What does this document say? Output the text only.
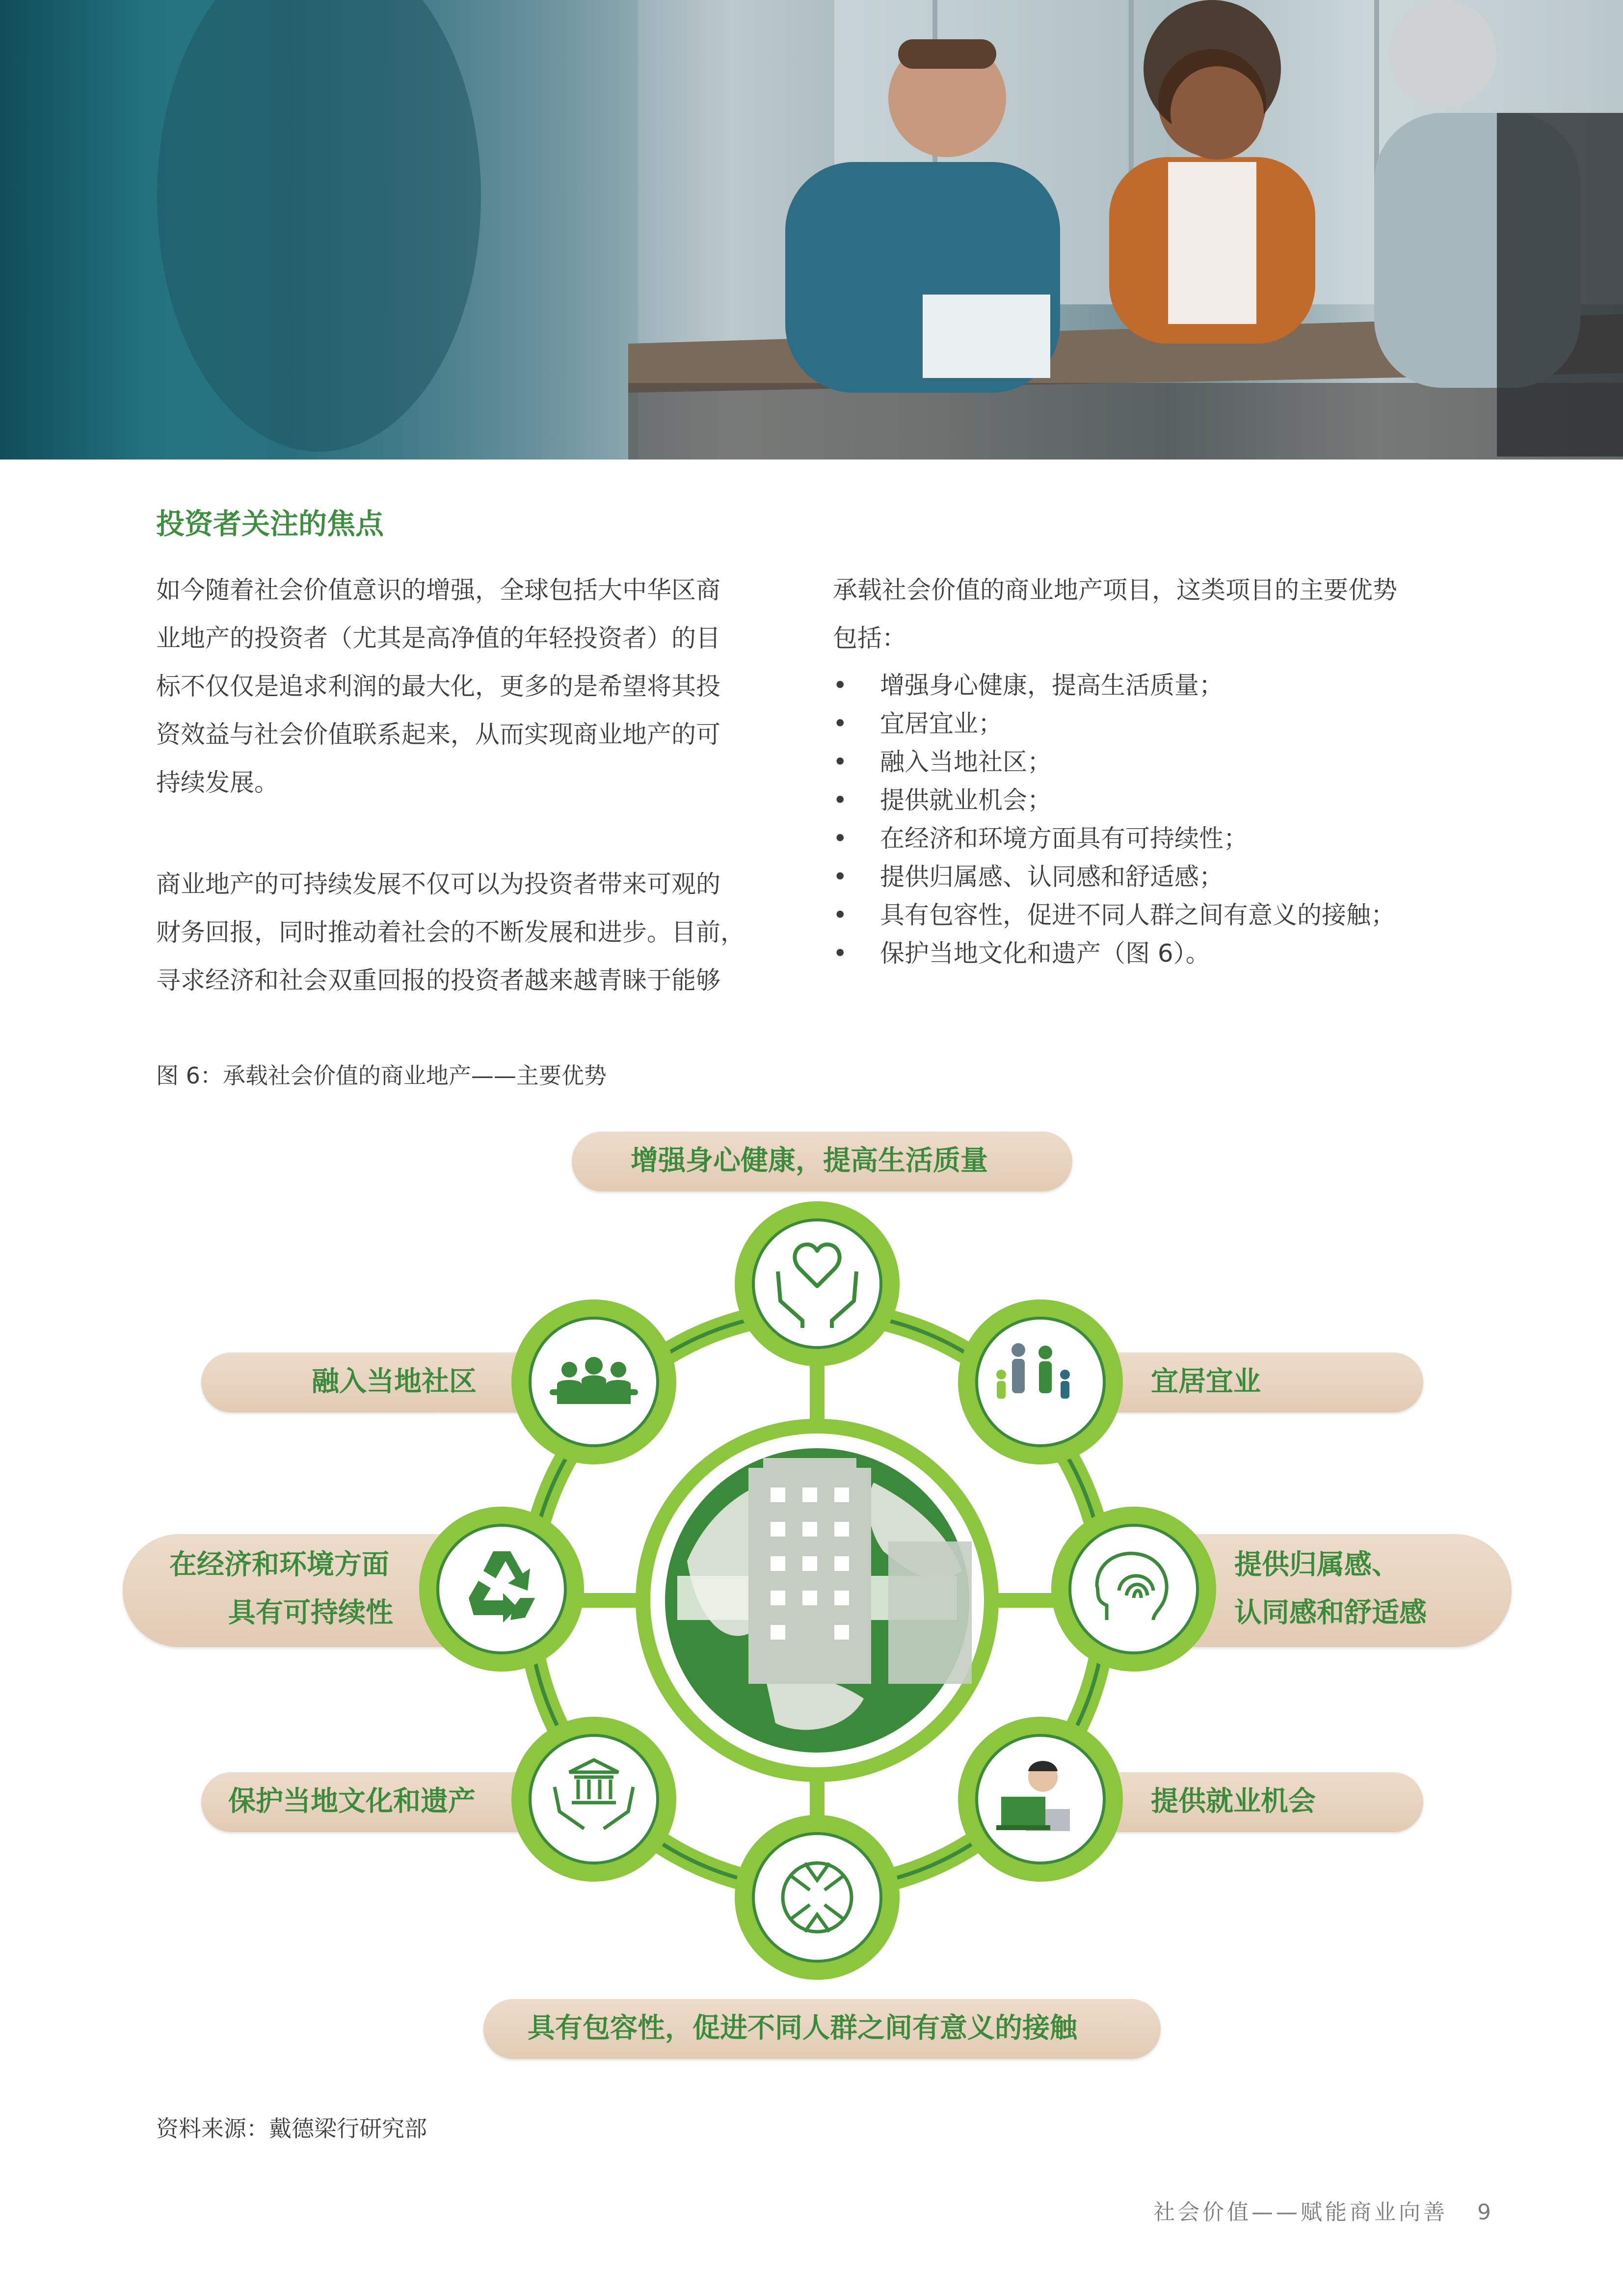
投资者关注的焦点

如今随着社会价值意识的增强，全球包括大中华区商

业地产的投资者（尤其是高净值的年轻投资者）的目

标不仅仅是追求利润的最大化，更多的是希望将其投

资效益与社会价值联系起来，从而实现商业地产的可

持续发展。

商业地产的可持续发展不仅可以为投资者带来可观的

财务回报，同时推动着社会的不断发展和进步。目前，

寻求经济和社会双重回报的投资者越来越青睐于能够

承载社会价值的商业地产项目，这类项目的主要优势

包括：

• 增强身心健康，提高生活质量；
• 宜居宜业；
• 融入当地社区；
• 提供就业机会；
• 在经济和环境方面具有可持续性；
• 提供归属感、认同感和舒适感；
• 具有包容性，促进不同人群之间有意义的接触；
• 保护当地文化和遗产（图 6）。
图 6：承载社会价值的商业地产——主要优势
增强身心健康，提高生活质量
宜居宜业
提供归属感、
认同感和舒适感
提供就业机会
具有包容性，促进不同人群之间有意义的接触
保护当地文化和遗产
在经济和环境方面
具有可持续性
融入当地社区
资料来源：戴德梁行研究部
社会价值——赋能商业向善 9
